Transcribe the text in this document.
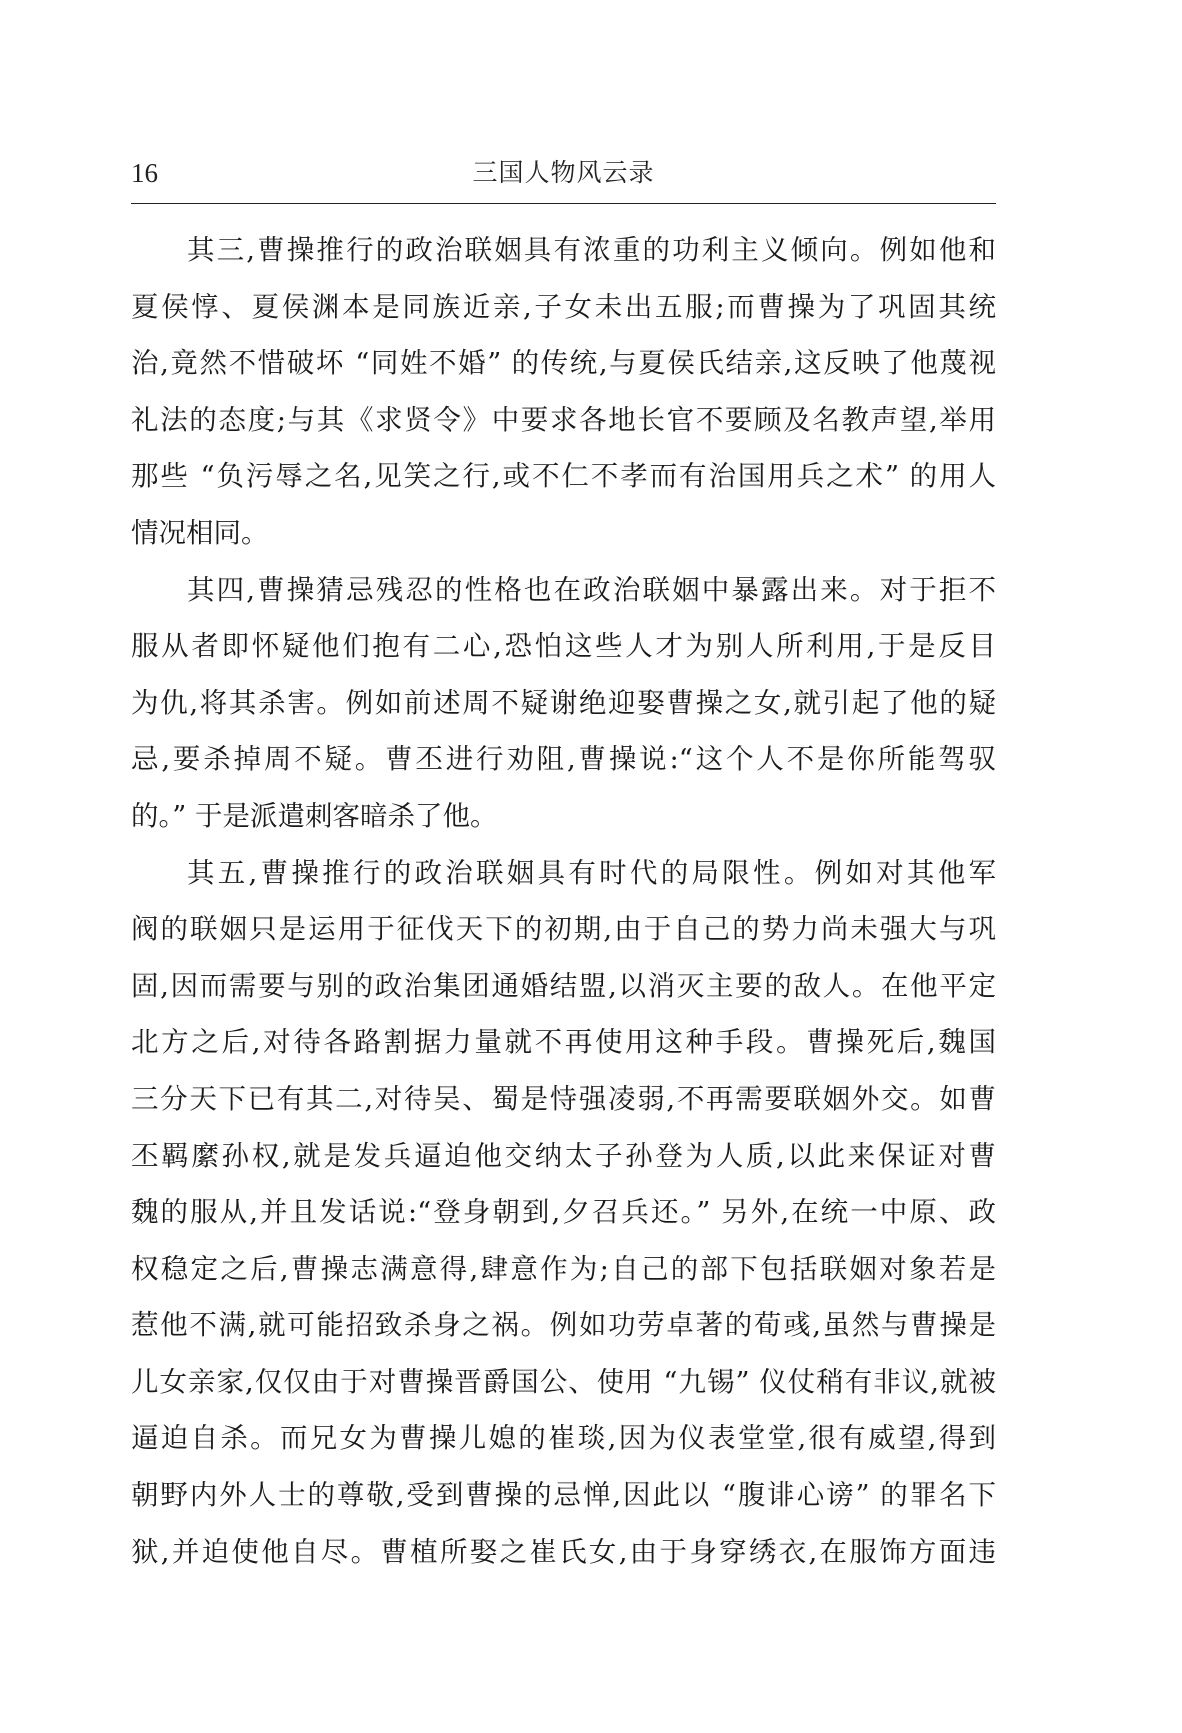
16	三国人物风云录
其三,曹操推行的政治联姻具有浓重的功利主义倾向。例如他和
夏侯惇、夏侯渊本是同族近亲,子女未出五服;而曹操为了巩固其统
治,竟然不惜破坏 “同姓不婚” 的传统,与夏侯氏结亲,这反映了他蔑视
礼法的态度;与其《求贤令》中要求各地长官不要顾及名教声望,举用
那些 “负污辱之名,见笑之行,或不仁不孝而有治国用兵之术” 的用人
情况相同。
其四,曹操猜忌残忍的性格也在政治联姻中暴露出来。对于拒不
服从者即怀疑他们抱有二心,恐怕这些人才为别人所利用,于是反目
为仇,将其杀害。例如前述周不疑谢绝迎娶曹操之女,就引起了他的疑
忌,要杀掉周不疑。曹丕进行劝阻,曹操说:“这个人不是你所能驾驭
的。” 于是派遣刺客暗杀了他。
其五,曹操推行的政治联姻具有时代的局限性。例如对其他军
阀的联姻只是运用于征伐天下的初期,由于自己的势力尚未强大与巩
固,因而需要与别的政治集团通婚结盟,以消灭主要的敌人。在他平定
北方之后,对待各路割据力量就不再使用这种手段。曹操死后,魏国
三分天下已有其二,对待吴、蜀是恃强凌弱,不再需要联姻外交。如曹
丕羁縻孙权,就是发兵逼迫他交纳太子孙登为人质,以此来保证对曹
魏的服从,并且发话说:“登身朝到,夕召兵还。” 另外,在统一中原、政
权稳定之后,曹操志满意得,肆意作为;自己的部下包括联姻对象若是
惹他不满,就可能招致杀身之祸。例如功劳卓著的荀彧,虽然与曹操是
儿女亲家,仅仅由于对曹操晋爵国公、使用 “九锡” 仪仗稍有非议,就被
逼迫自杀。而兄女为曹操儿媳的崔琰,因为仪表堂堂,很有威望,得到
朝野内外人士的尊敬,受到曹操的忌惮,因此以 “腹诽心谤” 的罪名下
狱,并迫使他自尽。曹植所娶之崔氏女,由于身穿绣衣,在服饰方面违
